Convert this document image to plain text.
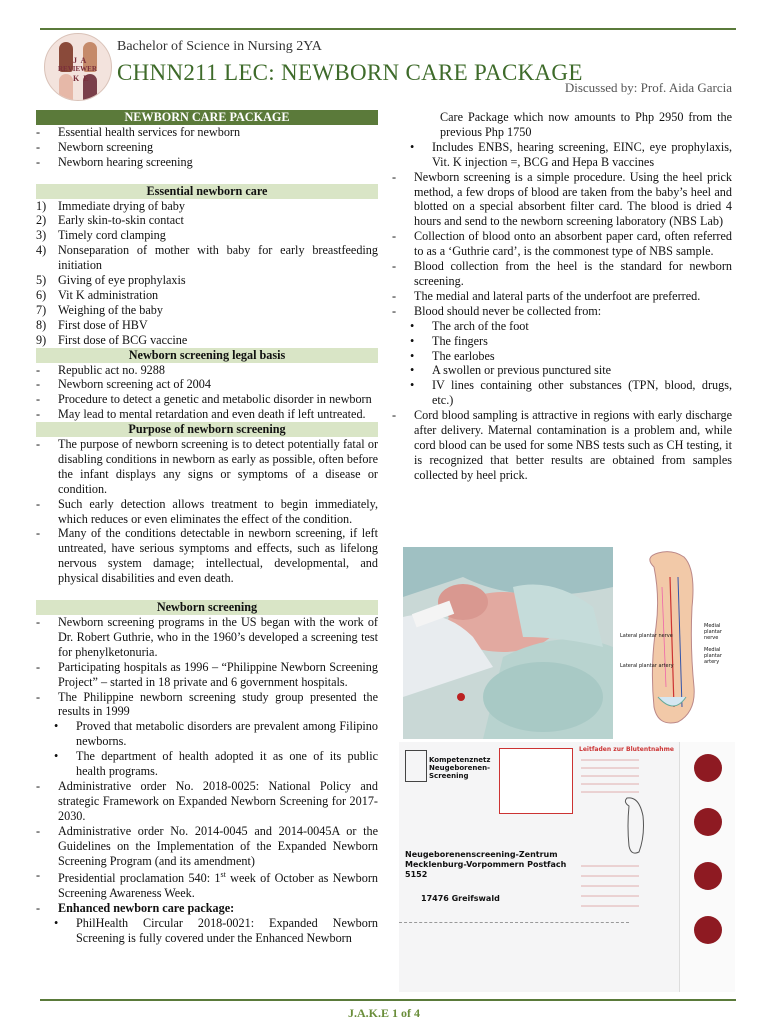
J A
REVIEWER
K E
Bachelor of Science in Nursing 2YA
CHNN211 LEC: NEWBORN CARE PACKAGE
Discussed by: Prof. Aida Garcia
NEWBORN CARE PACKAGE
-	Essential health services for newborn
-	Newborn screening
-	Newborn hearing screening
Essential newborn care
1) Immediate drying of baby
2) Early skin-to-skin contact
3) Timely cord clamping
4) Nonseparation of mother with baby for early breastfeeding initiation
5) Giving of eye prophylaxis
6) Vit K administration
7) Weighing of the baby
8) First dose of HBV
9) First dose of BCG vaccine
Newborn screening legal basis
-	Republic act no. 9288
-	Newborn screening act of 2004
-	Procedure to detect a genetic and metabolic disorder in newborn
-	May lead to mental retardation and even death if left untreated.
Purpose of newborn screening
-	The purpose of newborn screening is to detect potentially fatal or disabling conditions in newborn as early as possible, often before the infant displays any signs or symptoms of a disease or condition.
-	Such early detection allows treatment to begin immediately, which reduces or even eliminates the effect of the condition.
-	Many of the conditions detectable in newborn screening, if left untreated, have serious symptoms and effects, such as lifelong nervous system damage; intellectual, developmental, and physical disabilities and even death.
Newborn screening
-	Newborn screening programs in the US began with the work of Dr. Robert Guthrie, who in the 1960’s developed a screening test for phenylketonuria.
-	Participating hospitals as 1996 – “Philippine Newborn Screening Project” – started in 18 private and 6 government hospitals.
-	The Philippine newborn screening study group presented the results in 1999
•	Proved that metabolic disorders are prevalent among Filipino newborns.
•	The department of health adopted it as one of its public health programs.
-	Administrative order No. 2018-0025: National Policy and strategic Framework on Expanded Newborn Screening for 2017-2030.
-	Administrative order No. 2014-0045 and 2014-0045A or the Guidelines on the Implementation of the Expanded Newborn Screening Program (and its amendment)
-	Presidential proclamation 540: 1st week of October as Newborn Screening Awareness Week.
-	Enhanced newborn care package:
•	PhilHealth Circular 2018-0021: Expanded Newborn Screening is fully covered under the Enhanced Newborn
Care Package which now amounts to Php 2950 from the previous Php 1750
•	Includes ENBS, hearing screening, EINC, eye prophylaxis, Vit. K injection =, BCG and Hepa B vaccines
-	Newborn screening is a simple procedure. Using the heel prick method, a few drops of blood are taken from the baby’s heel and blotted on a special absorbent filter card. The blood is dried 4 hours and send to the newborn screening laboratory (NBS Lab)
-	Collection of blood onto an absorbent paper card, often referred to as a ‘Guthrie card’, is the commonest type of NBS sample.
-	Blood collection from the heel is the standard for newborn screening.
-	The medial and lateral parts of the underfoot are preferred.
-	Blood should never be collected from:
•	The arch of the foot
•	The fingers
•	The earlobes
•	A swollen or previous punctured site
•	IV lines containing other substances (TPN, blood, drugs, etc.)
-	Cord blood sampling is attractive in regions with early discharge after delivery. Maternal contamination is a problem and, while cord blood can be used for some NBS tests such as CH testing, it is recognized that better results are obtained from samples collected by heel prick.
Lateral plantar nerve
Medial plantar nerve
Medial plantar artery
Lateral plantar artery
Kompetenznetz Neugeborenen-Screening
Leitfaden zur Blutentnahme
Neugeborenenscreening-Zentrum Mecklenburg-Vorpommern Postfach 5152
17476 Greifswald
J.A.K.E 1 of 4
